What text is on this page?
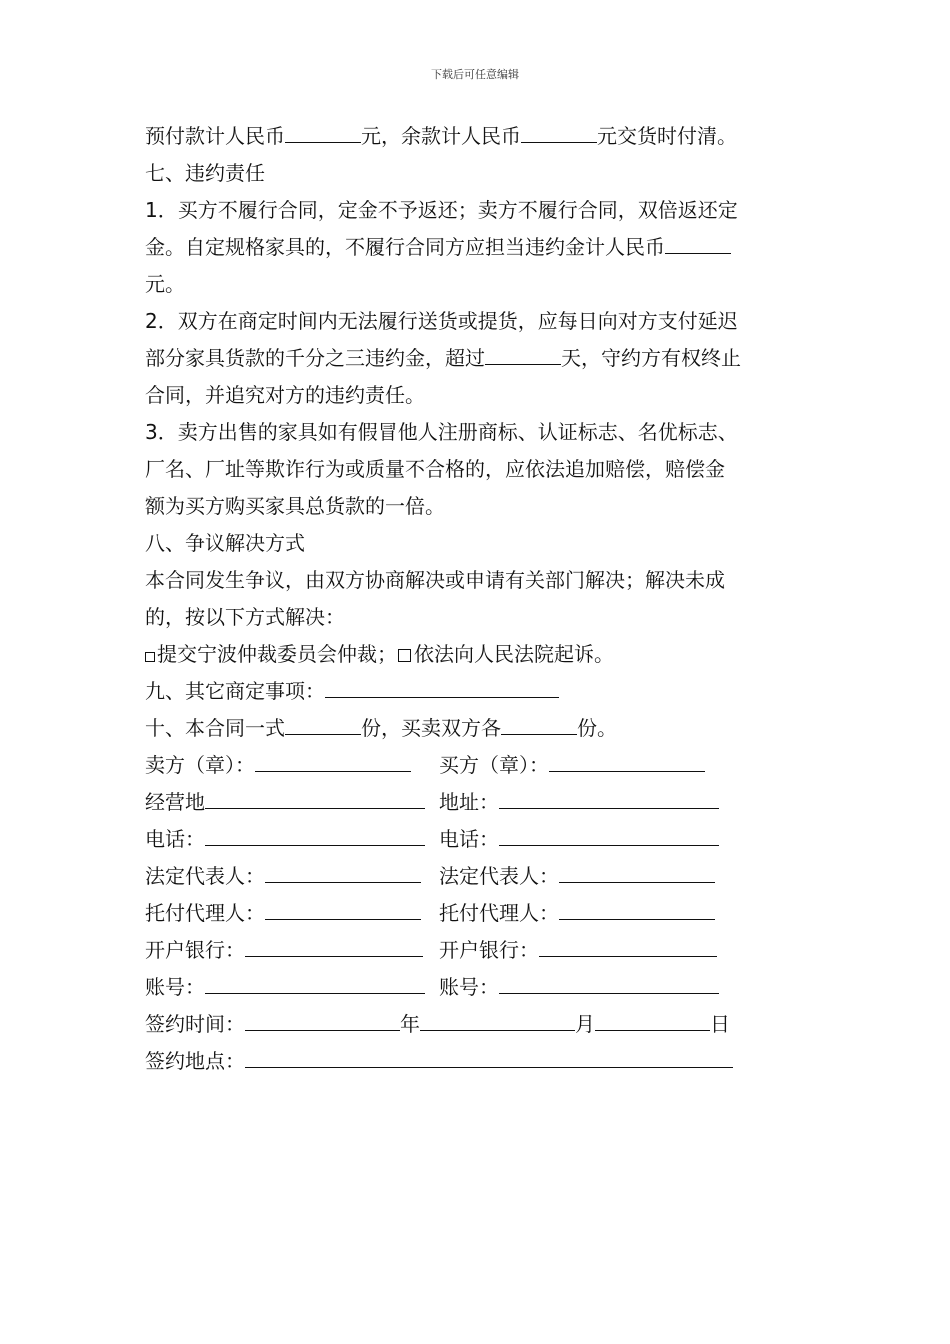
下载后可任意编辑
预付款计人民币	元，余款计人民币	元交货时付清。
七、违约责任
1．买方不履行合同，定金不予返还；卖方不履行合同，双倍返还定
金。自定规格家具的，不履行合同方应担当违约金计人民币
元。
2．双方在商定时间内无法履行送货或提货，应每日向对方支付延迟
部分家具货款的千分之三违约金，超过	天，守约方有权终止
合同，并追究对方的违约责任。
3．卖方出售的家具如有假冒他人注册商标、认证标志、名优标志、
厂名、厂址等欺诈行为或质量不合格的，应依法追加赔偿，赔偿金
额为买方购买家具总货款的一倍。
八、争议解决方式
本合同发生争议，由双方协商解决或申请有关部门解决；解决未成
的，按以下方式解决：
提交宁波仲裁委员会仲裁； 依法向人民法院起诉。
九、其它商定事项：
十、本合同一式	份，买卖双方各	份。
卖方（章）：	买方（章）：
经营地	地址：
电话：	电话：
法定代表人：	法定代表人：
托付代理人：	托付代理人：
开户银行：	开户银行：
账号：	账号：
签约时间：	年	月	日
签约地点：
